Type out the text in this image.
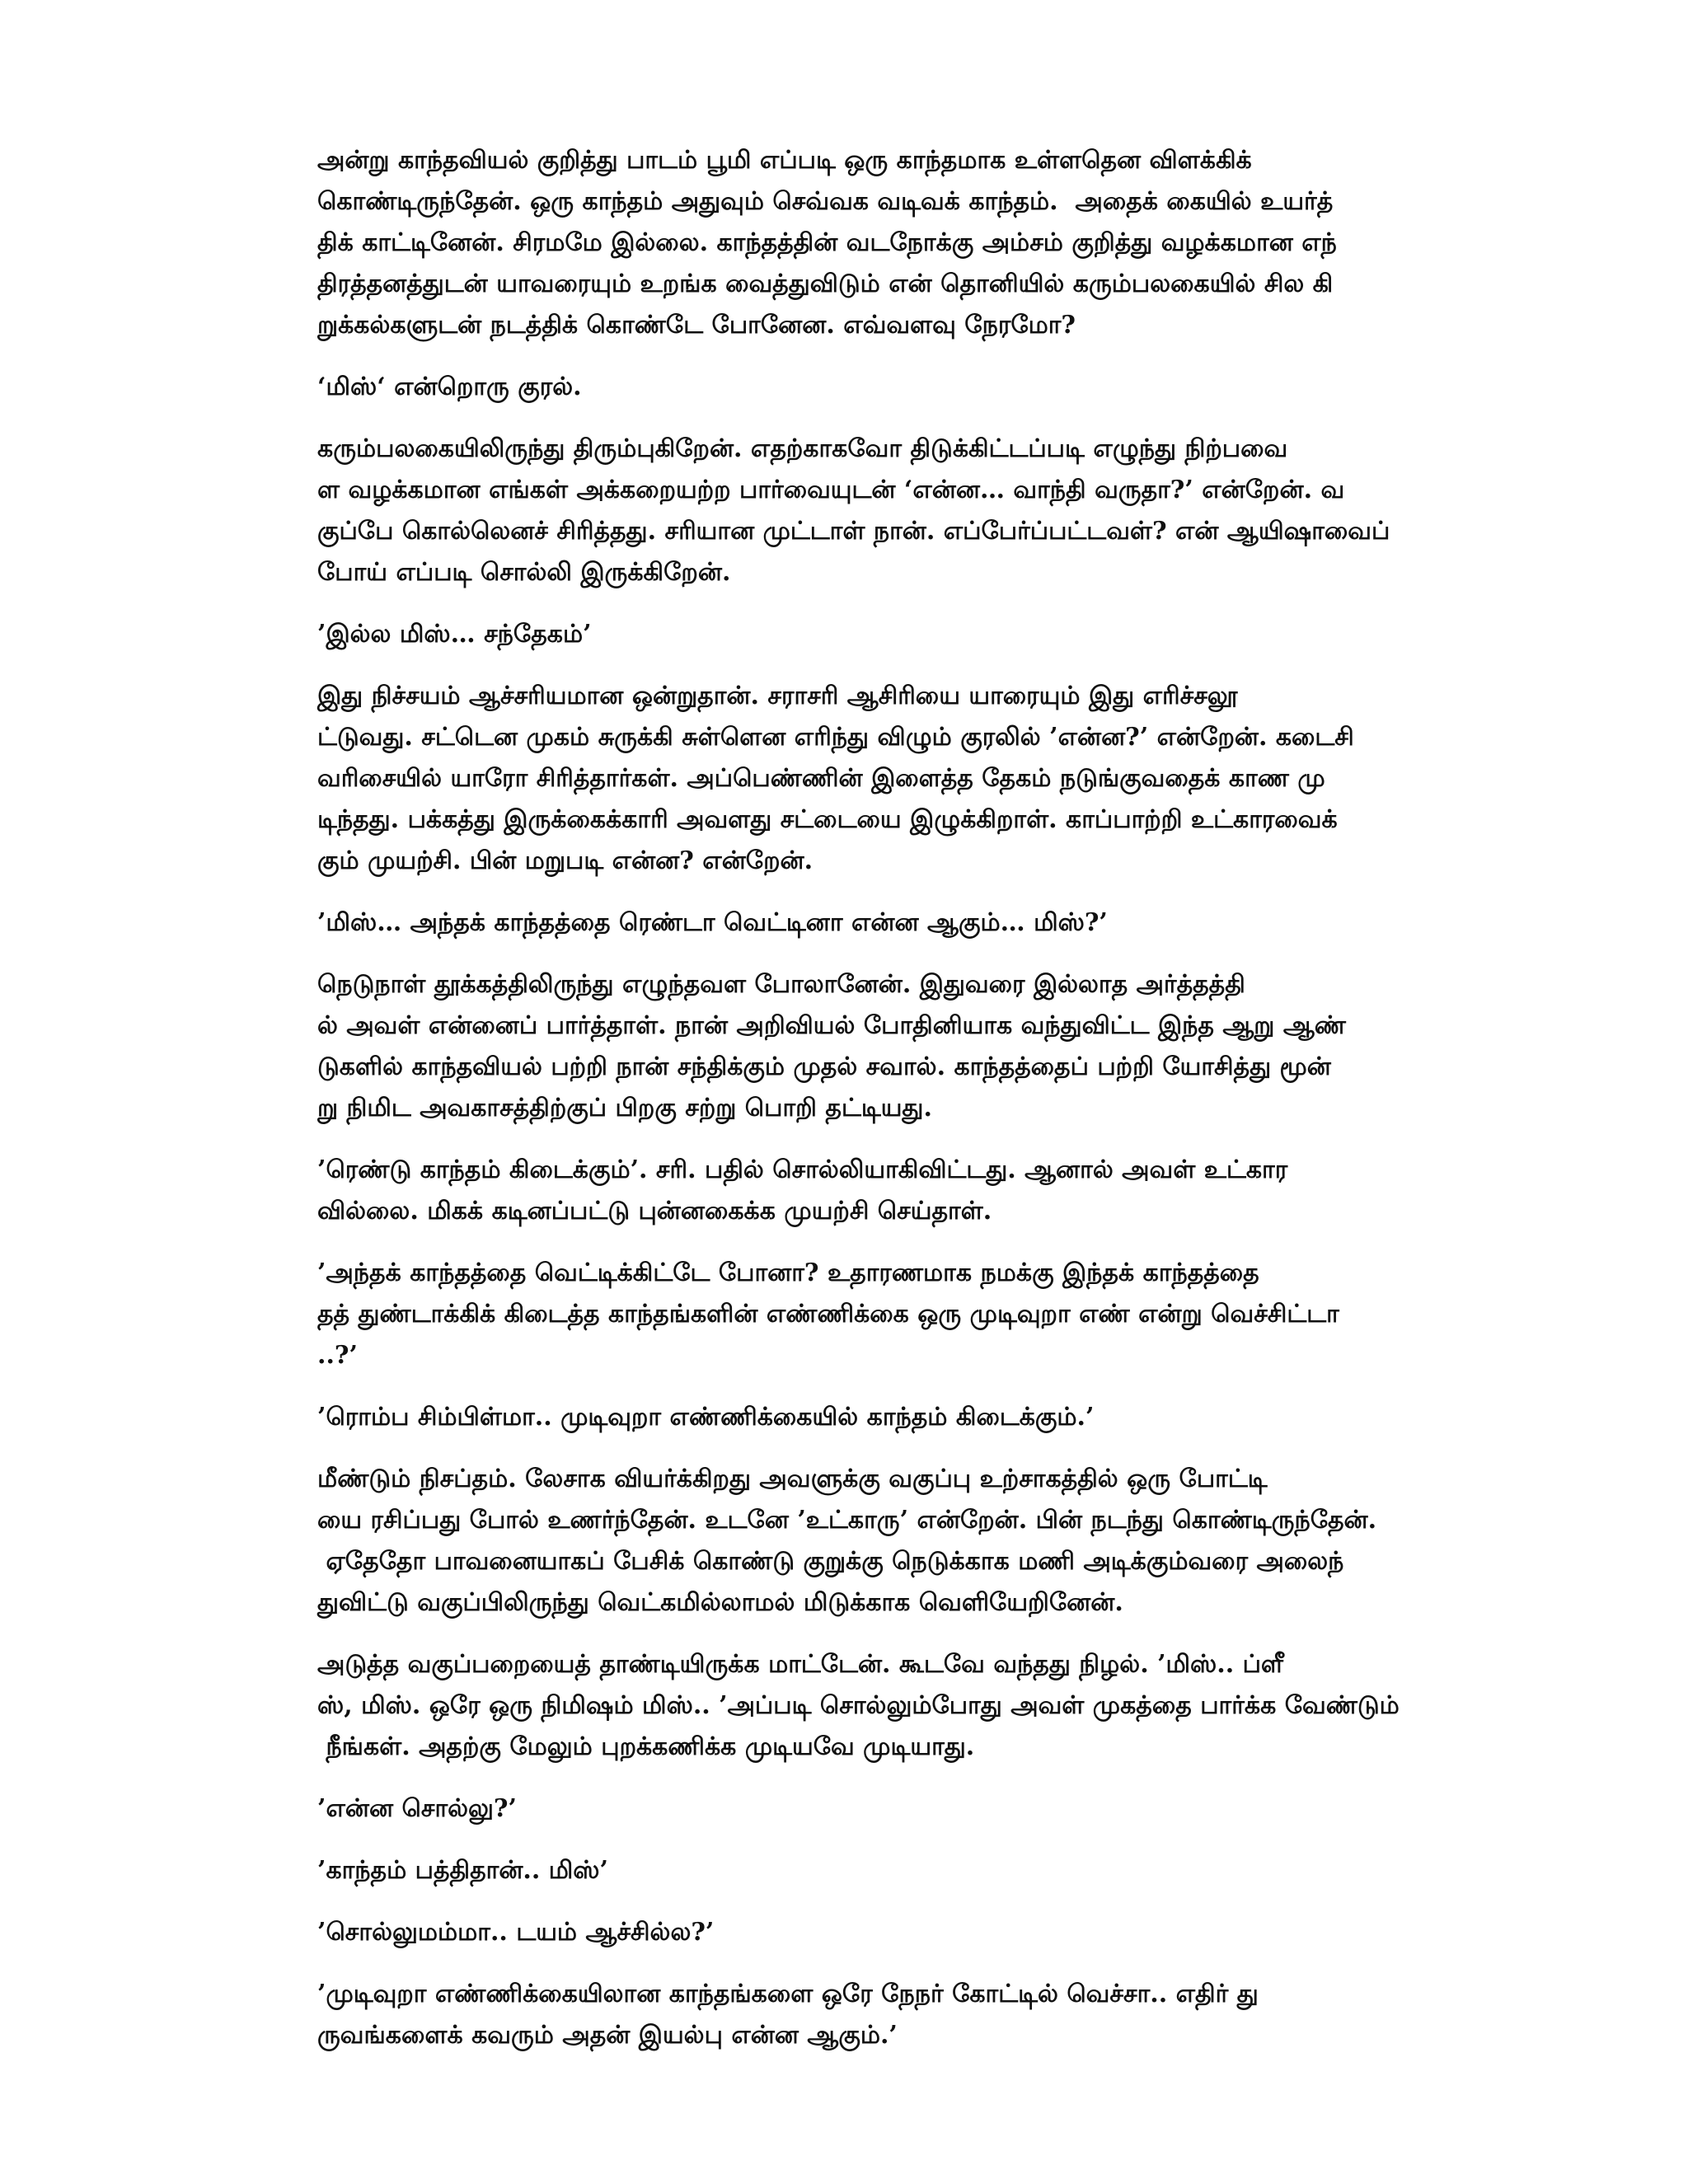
அன்று காந்தவியல் குறித்து பாடம் பூமி எப்படி ஒரு காந்தமாக உள்ளதென விளக்கிக்
கொண்டிருந்தேன். ஒரு காந்தம் அதுவும் செவ்வக வடிவக் காந்தம்.  அதைக் கையில் உயர்த்
திக் காட்டினேன். சிரமமே இல்லை. காந்தத்தின் வடநோக்கு அம்சம் குறித்து வழக்கமான எந்
திரத்தனத்துடன் யாவரையும் உறங்க வைத்துவிடும் என் தொனியில் கரும்பலகையில் சில கி
றுக்கல்களுடன் நடத்திக் கொண்டே போனேன. எவ்வளவு நேரமோ?
‘மிஸ்‘ என்றொரு குரல்.
கரும்பலகையிலிருந்து திரும்புகிறேன். எதற்காகவோ திடுக்கிட்டப்படி எழுந்து நிற்பவை
ள வழக்கமான எங்கள் அக்கறையற்ற பார்வையுடன் ‘என்ன… வாந்தி வருதா?’ என்றேன். வ
குப்பே கொல்லெனச் சிரித்தது. சரியான முட்டாள் நான். எப்பேர்ப்பட்டவள்? என் ஆயிஷாவைப்
போய் எப்படி சொல்லி இருக்கிறேன்.
’இல்ல மிஸ்… சந்தேகம்’
இது நிச்சயம் ஆச்சரியமான ஒன்றுதான். சராசரி ஆசிரியை யாரையும் இது எரிச்சலூ
ட்டுவது. சட்டென முகம் சுருக்கி சுள்ளென எரிந்து விழும் குரலில் ’என்ன?’ என்றேன். கடைசி
வரிசையில் யாரோ சிரித்தார்கள். அப்பெண்ணின் இளைத்த தேகம் நடுங்குவதைக் காண மு
டிந்தது. பக்கத்து இருக்கைக்காரி அவளது சட்டையை இழுக்கிறாள். காப்பாற்றி உட்காரவைக்
கும் முயற்சி. பின் மறுபடி என்ன? என்றேன்.
’மிஸ்… அந்தக் காந்தத்தை ரெண்டா வெட்டினா என்ன ஆகும்… மிஸ்?’
நெடுநாள் தூக்கத்திலிருந்து எழுந்தவள போலானேன். இதுவரை இல்லாத அர்த்தத்தி
ல் அவள் என்னைப் பார்த்தாள். நான் அறிவியல் போதினியாக வந்துவிட்ட இந்த ஆறு ஆண்
டுகளில் காந்தவியல் பற்றி நான் சந்திக்கும் முதல் சவால். காந்தத்தைப் பற்றி யோசித்து மூன்
று நிமிட அவகாசத்திற்குப் பிறகு சற்று பொறி தட்டியது.
’ரெண்டு காந்தம் கிடைக்கும்’. சரி. பதில் சொல்லியாகிவிட்டது. ஆனால் அவள் உட்கார
வில்லை. மிகக் கடினப்பட்டு புன்னகைக்க முயற்சி செய்தாள்.
’அந்தக் காந்தத்தை வெட்டிக்கிட்டே போனா? உதாரணமாக நமக்கு இந்தக் காந்தத்தை
தத் துண்டாக்கிக் கிடைத்த காந்தங்களின் எண்ணிக்கை ஒரு முடிவுறா எண் என்று வெச்சிட்டா
..?’
’ரொம்ப சிம்பிள்மா.. முடிவுறா எண்ணிக்கையில் காந்தம் கிடைக்கும்.’
மீண்டும் நிசப்தம். லேசாக வியர்க்கிறது அவளுக்கு வகுப்பு உற்சாகத்தில் ஒரு போட்டி
யை ரசிப்பது போல் உணர்ந்தேன். உடனே ’உட்காரு’ என்றேன். பின் நடந்து கொண்டிருந்தேன்.
ஏதேதோ பாவனையாகப் பேசிக் கொண்டு குறுக்கு நெடுக்காக மணி அடிக்கும்வரை அலைந்
துவிட்டு வகுப்பிலிருந்து வெட்கமில்லாமல் மிடுக்காக வெளியேறினேன்.
அடுத்த வகுப்பறையைத் தாண்டியிருக்க மாட்டேன். கூடவே வந்தது நிழல். ’மிஸ்.. ப்ளீ
ஸ், மிஸ். ஒரே ஒரு நிமிஷம் மிஸ்.. ’அப்படி சொல்லும்போது அவள் முகத்தை பார்க்க வேண்டும்
நீங்கள். அதற்கு மேலும் புறக்கணிக்க முடியவே முடியாது.
’என்ன சொல்லு?’
’காந்தம் பத்திதான்.. மிஸ்’
’சொல்லுமம்மா.. டயம் ஆச்சில்ல?’
’முடிவுறா எண்ணிக்கையிலான காந்தங்களை ஒரே நேநர் கோட்டில் வெச்சா.. எதிர் து
ருவங்களைக் கவரும் அதன் இயல்பு என்ன ஆகும்.’
